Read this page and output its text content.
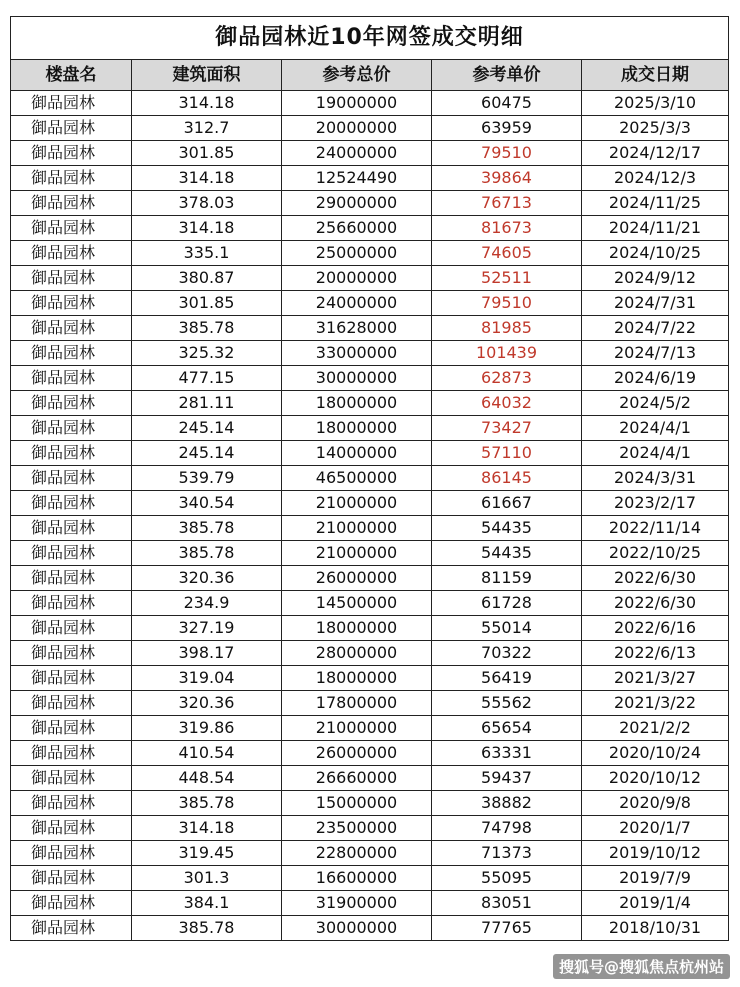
御品园林近10年网签成交明细				
楼盘名	建筑面积	参考总价	参考单价	成交日期
御品园林	314.18	19000000	60475	2025/3/10
御品园林	312.7	20000000	63959	2025/3/3
御品园林	301.85	24000000	79510	2024/12/17
御品园林	314.18	12524490	39864	2024/12/3
御品园林	378.03	29000000	76713	2024/11/25
御品园林	314.18	25660000	81673	2024/11/21
御品园林	335.1	25000000	74605	2024/10/25
御品园林	380.87	20000000	52511	2024/9/12
御品园林	301.85	24000000	79510	2024/7/31
御品园林	385.78	31628000	81985	2024/7/22
御品园林	325.32	33000000	101439	2024/7/13
御品园林	477.15	30000000	62873	2024/6/19
御品园林	281.11	18000000	64032	2024/5/2
御品园林	245.14	18000000	73427	2024/4/1
御品园林	245.14	14000000	57110	2024/4/1
御品园林	539.79	46500000	86145	2024/3/31
御品园林	340.54	21000000	61667	2023/2/17
御品园林	385.78	21000000	54435	2022/11/14
御品园林	385.78	21000000	54435	2022/10/25
御品园林	320.36	26000000	81159	2022/6/30
御品园林	234.9	14500000	61728	2022/6/30
御品园林	327.19	18000000	55014	2022/6/16
御品园林	398.17	28000000	70322	2022/6/13
御品园林	319.04	18000000	56419	2021/3/27
御品园林	320.36	17800000	55562	2021/3/22
御品园林	319.86	21000000	65654	2021/2/2
御品园林	410.54	26000000	63331	2020/10/24
御品园林	448.54	26660000	59437	2020/10/12
御品园林	385.78	15000000	38882	2020/9/8
御品园林	314.18	23500000	74798	2020/1/7
御品园林	319.45	22800000	71373	2019/10/12
御品园林	301.3	16600000	55095	2019/7/9
御品园林	384.1	31900000	83051	2019/1/4
御品园林	385.78	30000000	77765	2018/10/31
搜狐号@搜狐焦点杭州站
